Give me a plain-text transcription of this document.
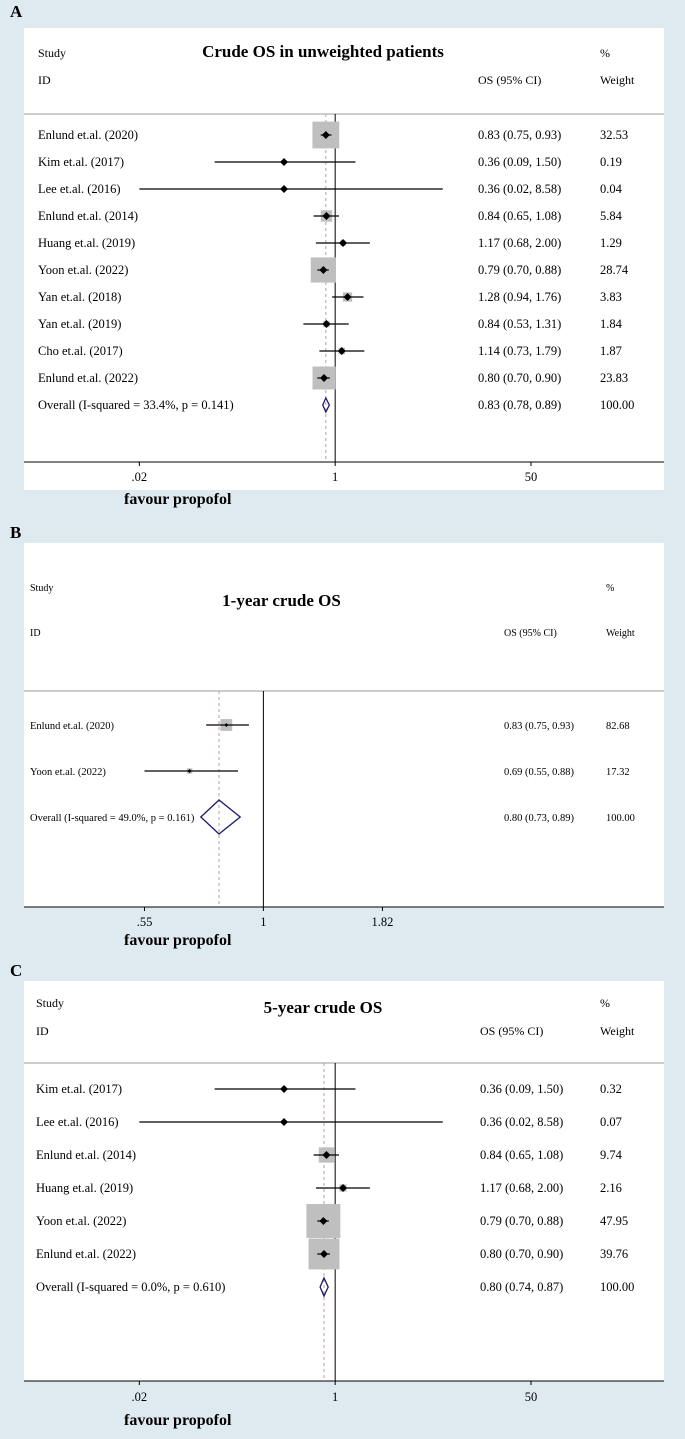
A
Study
ID	OS (95% CI)
%
Weight
Crude OS in unweighted patients
Enlund et.al. (2020)	0.83 (0.75, 0.93)	32.53
Kim et.al. (2017)	0.36 (0.09, 1.50)	0.19
Lee et.al. (2016)	0.36 (0.02, 8.58)	0.04
Enlund et.al. (2014)	0.84 (0.65, 1.08)	5.84
Huang et.al. (2019)	1.17 (0.68, 2.00)	1.29
Yoon et.al. (2022)	0.79 (0.70, 0.88)	28.74
Yan et.al. (2018)	1.28 (0.94, 1.76)	3.83
Yan et.al. (2019)	0.84 (0.53, 1.31)	1.84
Cho et.al. (2017)	1.14 (0.73, 1.79)	1.87
Enlund et.al. (2022)	0.80 (0.70, 0.90)	23.83
Overall (I-squared = 33.4%, p = 0.141)	0.83 (0.78, 0.89)	100.00
.02	1	50
favour propofol
B
Study
ID	OS (95% CI)
%
Weight
1-year crude OS
Enlund et.al. (2020)	0.83 (0.75, 0.93)	82.68
Yoon et.al. (2022)	0.69 (0.55, 0.88)	17.32
Overall (I-squared = 49.0%, p = 0.161)	0.80 (0.73, 0.89)	100.00
.55	1	1.82
favour propofol
C
Study
ID	OS (95% CI)
%
Weight
5-year crude OS
Kim et.al. (2017)	0.36 (0.09, 1.50)	0.32
Lee et.al. (2016)	0.36 (0.02, 8.58)	0.07
Enlund et.al. (2014)	0.84 (0.65, 1.08)	9.74
Huang et.al. (2019)	1.17 (0.68, 2.00)	2.16
Yoon et.al. (2022)	0.79 (0.70, 0.88)	47.95
Enlund et.al. (2022)	0.80 (0.70, 0.90)	39.76
Overall (I-squared = 0.0%, p = 0.610)	0.80 (0.74, 0.87)	100.00
.02	1	50
favour propofol
